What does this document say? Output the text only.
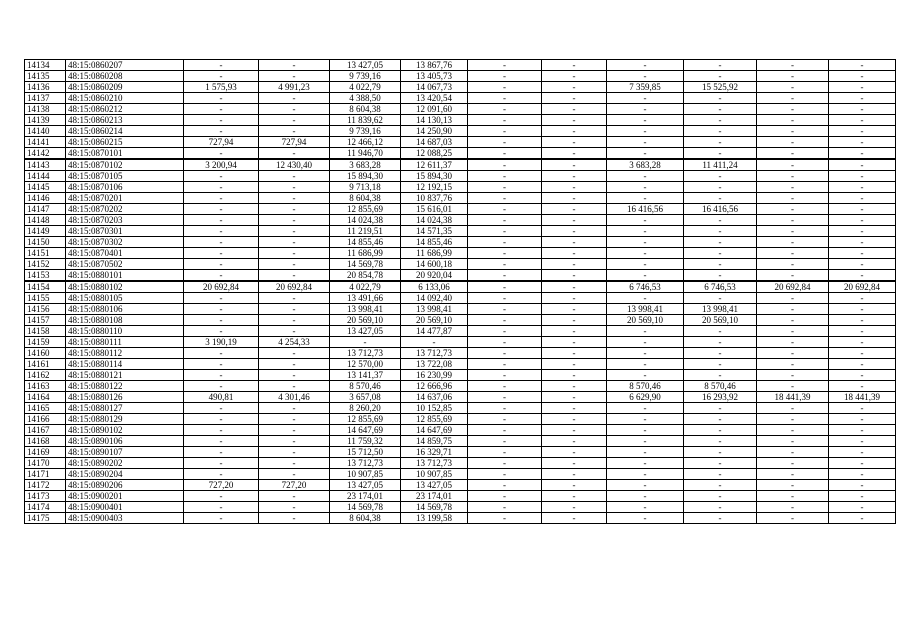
14134	48:15:0860207	-	-	13 427,05	13 867,76	-	-	-	-	-	-
14135	48:15:0860208	-	-	9 739,16	13 405,73	-	-	-	-	-	-
14136	48:15:0860209	1 575,93	4 991,23	4 022,79	14 067,73	-	-	7 359,85	15 525,92	-	-
14137	48:15:0860210	-	-	4 388,50	13 420,54	-	-	-	-	-	-
14138	48:15:0860212	-	-	8 604,38	12 091,60	-	-	-	-	-	-
14139	48:15:0860213	-	-	11 839,62	14 130,13	-	-	-	-	-	-
14140	48:15:0860214	-	-	9 739,16	14 250,90	-	-	-	-	-	-
14141	48:15:0860215	727,94	727,94	12 466,12	14 687,03	-	-	-	-	-	-
14142	48:15:0870101	-	-	11 946,70	12 088,25	-	-	-	-	-	-
14143	48:15:0870102	3 200,94	12 430,40	3 683,28	12 611,37	-	-	3 683,28	11 411,24	-	-
14144	48:15:0870105	-	-	15 894,30	15 894,30	-	-	-	-	-	-
14145	48:15:0870106	-	-	9 713,18	12 192,15	-	-	-	-	-	-
14146	48:15:0870201	-	-	8 604,38	10 837,76	-	-	-	-	-	-
14147	48:15:0870202	-	-	12 855,69	15 616,01	-	-	16 416,56	16 416,56	-	-
14148	48:15:0870203	-	-	14 024,38	14 024,38	-	-	-	-	-	-
14149	48:15:0870301	-	-	11 219,51	14 571,35	-	-	-	-	-	-
14150	48:15:0870302	-	-	14 855,46	14 855,46	-	-	-	-	-	-
14151	48:15:0870401	-	-	11 686,99	11 686,99	-	-	-	-	-	-
14152	48:15:0870502	-	-	14 569,78	14 600,18	-	-	-	-	-	-
14153	48:15:0880101	-	-	20 854,78	20 920,04	-	-	-	-	-	-
14154	48:15:0880102	20 692,84	20 692,84	4 022,79	6 133,06	-	-	6 746,53	6 746,53	20 692,84	20 692,84
14155	48:15:0880105	-	-	13 491,66	14 092,40	-	-	-	-	-	-
14156	48:15:0880106	-	-	13 998,41	13 998,41	-	-	13 998,41	13 998,41	-	-
14157	48:15:0880108	-	-	20 569,10	20 569,10	-	-	20 569,10	20 569,10	-	-
14158	48:15:0880110	-	-	13 427,05	14 477,87	-	-	-	-	-	-
14159	48:15:0880111	3 190,19	4 254,33	-	-	-	-	-	-	-	-
14160	48:15:0880112	-	-	13 712,73	13 712,73	-	-	-	-	-	-
14161	48:15:0880114	-	-	12 570,00	13 722,08	-	-	-	-	-	-
14162	48:15:0880121	-	-	13 141,37	16 230,99	-	-	-	-	-	-
14163	48:15:0880122	-	-	8 570,46	12 666,96	-	-	8 570,46	8 570,46	-	-
14164	48:15:0880126	490,81	4 301,46	3 657,08	14 637,06	-	-	6 629,90	16 293,92	18 441,39	18 441,39
14165	48:15:0880127	-	-	8 260,20	10 152,85	-	-	-	-	-	-
14166	48:15:0880129	-	-	12 855,69	12 855,69	-	-	-	-	-	-
14167	48:15:0890102	-	-	14 647,69	14 647,69	-	-	-	-	-	-
14168	48:15:0890106	-	-	11 759,32	14 859,75	-	-	-	-	-	-
14169	48:15:0890107	-	-	15 712,50	16 329,71	-	-	-	-	-	-
14170	48:15:0890202	-	-	13 712,73	13 712,73	-	-	-	-	-	-
14171	48:15:0890204	-	-	10 907,85	10 907,85	-	-	-	-	-	-
14172	48:15:0890206	727,20	727,20	13 427,05	13 427,05	-	-	-	-	-	-
14173	48:15:0900201	-	-	23 174,01	23 174,01	-	-	-	-	-	-
14174	48:15:0900401	-	-	14 569,78	14 569,78	-	-	-	-	-	-
14175	48:15:0900403	-	-	8 604,38	13 199,58	-	-	-	-	-	-
